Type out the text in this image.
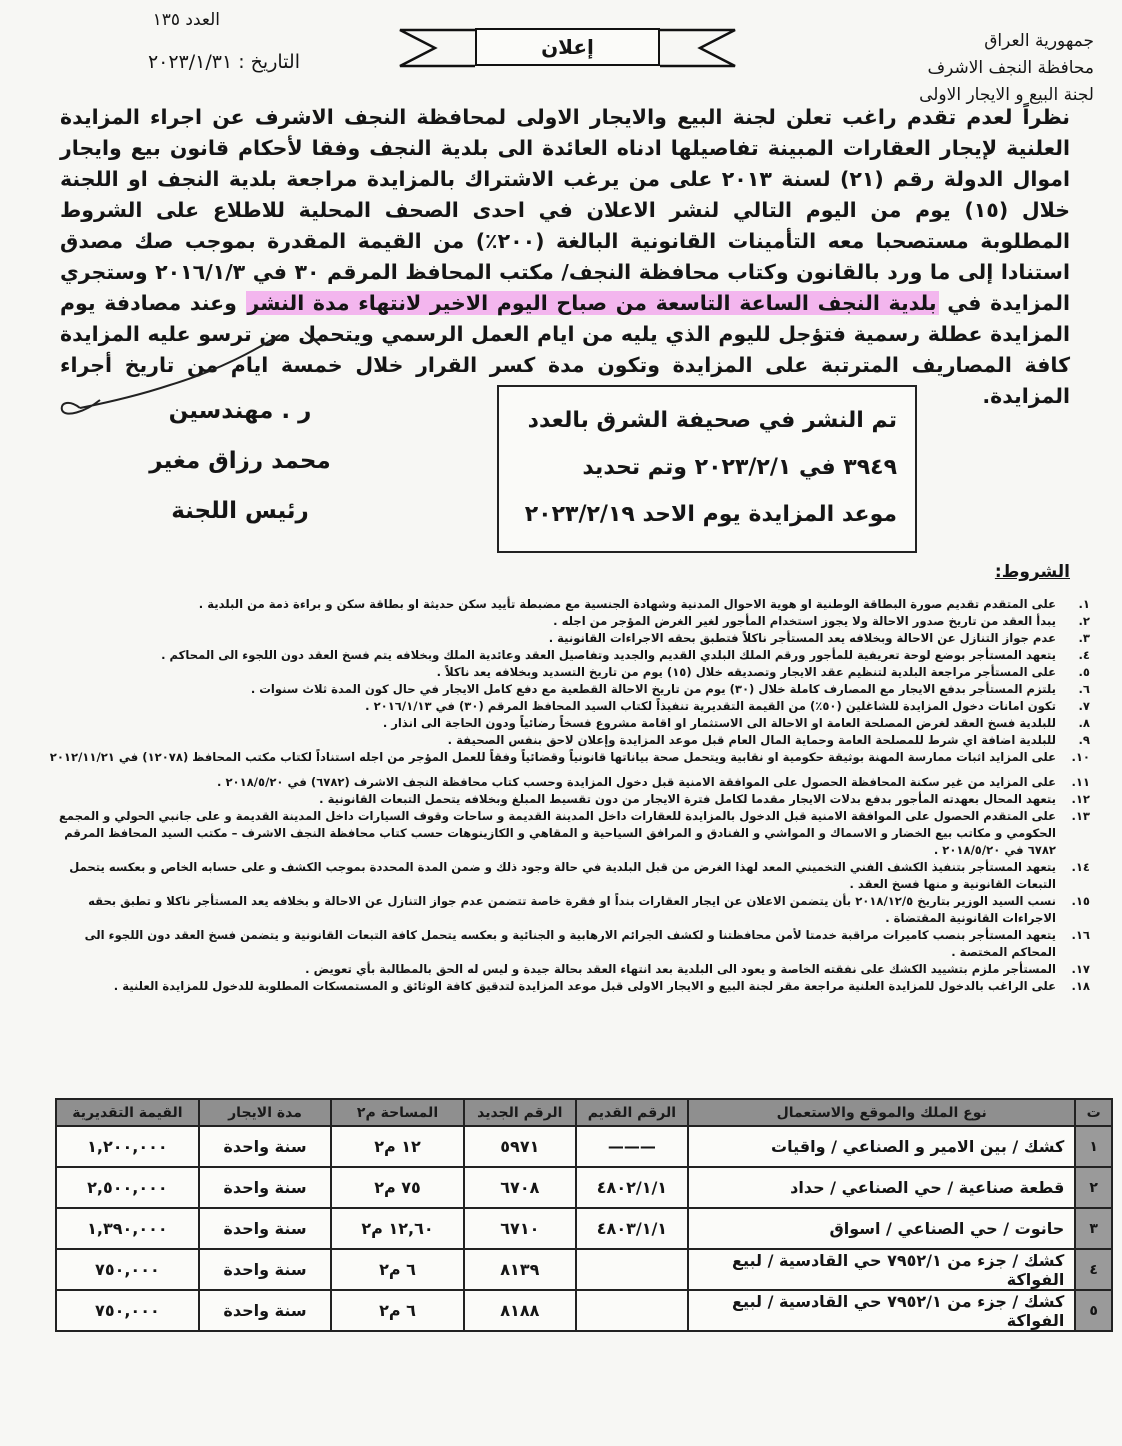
جمهورية العراق
محافظة النجف الاشرف
لجنة البيع و الايجار الاولى
العدد ١٣٥
التاريخ : ٢٠٢٣/١/٣١
إعلان
نظراً لعدم تقدم راغب تعلن لجنة البيع والايجار الاولى لمحافظة النجف الاشرف عن اجراء المزايدة العلنية لإيجار العقارات المبينة تفاصيلها ادناه العائدة الى بلدية النجف وفقا لأحكام قانون بيع وايجار اموال الدولة رقم (٢١) لسنة ٢٠١٣ على من يرغب الاشتراك بالمزايدة مراجعة بلدية النجف او اللجنة خلال (١٥) يوم من اليوم التالي لنشر الاعلان في احدى الصحف المحلية للاطلاع على الشروط المطلوبة مستصحبا معه التأمينات القانونية البالغة (٢٠٠٪) من القيمة المقدرة بموجب صك مصدق استنادا إلى ما ورد بالقانون وكتاب محافظة النجف/ مكتب المحافظ المرقم ٣٠ في ٢٠١٦/١/٣ وستجري المزايدة في بلدية النجف الساعة التاسعة من صباح اليوم الاخير لانتهاء مدة النشر وعند مصادفة يوم المزايدة عطلة رسمية فتؤجل لليوم الذي يليه من ايام العمل الرسمي ويتحمل من ترسو عليه المزايدة كافة المصاريف المترتبة على المزايدة وتكون مدة كسر القرار خلال خمسة ايام من تاريخ أجراء المزايدة.
ر . مهندسين
محمد رزاق مغير
رئيس اللجنة
تم النشر في صحيفة الشرق بالعدد
٣٩٤٩ في ٢٠٢٣/٢/١ وتم تحديد
موعد المزايدة يوم الاحد ٢٠٢٣/٢/١٩
الشروط:
١.
على المتقدم تقديم صورة البطاقة الوطنية او هوية الاحوال المدنية وشهادة الجنسية مع مضبطة تأييد سكن حديثة او بطاقة سكن و براءة ذمة من البلدية .
٢.
يبدأ العقد من تاريخ صدور الاحالة ولا يجوز استخدام المأجور لغير الغرض المؤجر من اجله .
٣.
عدم جواز التنازل عن الاحالة وبخلافه يعد المستأجر ناكلاً فتطبق بحقه الاجراءات القانونية .
٤.
يتعهد المستأجر بوضع لوحة تعريفية للمأجور ورقم الملك البلدي القديم والجديد وتفاصيل العقد وعائدية الملك وبخلافه يتم فسخ العقد دون اللجوء الى المحاكم .
٥.
على المستأجر مراجعة البلدية لتنظيم عقد الايجار وتصديقه خلال (١٥) يوم من تاريخ التسديد وبخلافه يعد ناكلاً .
٦.
يلتزم المستأجر بدفع الايجار مع المصارف كاملة خلال (٣٠) يوم من تاريخ الاحالة القطعية مع دفع كامل الايجار في حال كون المدة ثلاث سنوات .
٧.
تكون امانات دخول المزايدة للشاغلين (٥٠٪) من القيمة التقديرية تنفيذاً لكتاب السيد المحافظ المرقم (٣٠) في ٢٠١٦/١/١٣ .
٨.
للبلدية فسخ العقد لغرض المصلحة العامة او الاحالة الى الاستثمار او اقامة مشروع فسخاً رضائياً ودون الحاجة الى انذار .
٩.
للبلدية اضافة اي شرط للمصلحة العامة وحماية المال العام قبل موعد المزايدة وإعلان لاحق بنفس الصحيفة .
١٠.
على المزايد اثبات ممارسة المهنة بوثيقة حكومية او نقابية ويتحمل صحة بياناتها قانونياً وقضائياً وفقاً للعمل المؤجر من اجله استناداً لكتاب مكتب المحافظ (١٢٠٧٨) في ٢٠١٢/١١/٢١
١١.
على المزايد من غير سكنة المحافظة الحصول على الموافقة الامنية قبل دخول المزايدة وحسب كتاب محافظة النجف الاشرف (٦٧٨٢) في ٢٠١٨/٥/٢٠ .
١٢.
يتعهد المحال بعهدته المأجور بدفع بدلات الايجار مقدما لكامل فترة الايجار من دون تقسيط المبلغ وبخلافه يتحمل التبعات القانونية .
١٣.
على المتقدم الحصول على الموافقة الامنية قبل الدخول بالمزايدة للعقارات داخل المدينة القديمة و ساحات وقوف السيارات داخل المدينة القديمة و على جانبي الحولي و المجمع الحكومي و مكاتب بيع الخضار و الاسماك و المواشي و الفنادق و المرافق السياحية و المقاهي و الكازينوهات حسب كتاب محافظة النجف الاشرف – مكتب السيد المحافظ المرقم ٦٧٨٢ في ٢٠١٨/٥/٢٠ .
١٤.
يتعهد المستأجر بتنفيذ الكشف الفني التخميني المعد لهذا الغرض من قبل البلدية في حالة وجود ذلك و ضمن المدة المحددة بموجب الكشف و على حسابه الخاص و بعكسه يتحمل التبعات القانونية و منها فسخ العقد .
١٥.
نسب السيد الوزير بتاريخ ٢٠١٨/١٢/٥ بأن يتضمن الاعلان عن ايجار العقارات بنداً او فقرة خاصة تتضمن عدم جواز التنازل عن الاحالة و بخلافه يعد المستأجر ناكلا و تطبق بحقه الاجراءات القانونية المقتضاة .
١٦.
يتعهد المستأجر بنصب كاميرات مراقبة خدمتا لأمن محافظتنا و لكشف الجرائم الارهابية و الجنائية و بعكسه يتحمل كافة التبعات القانونية و يتضمن فسخ العقد دون اللجوء الى المحاكم المختصة .
١٧.
المستأجر ملزم بتشييد الكشك على نفقته الخاصة و يعود الى البلدية بعد انتهاء العقد بحالة جيدة و ليس له الحق بالمطالبة بأي تعويض .
١٨.
على الراغب بالدخول للمزايدة العلنية مراجعة مقر لجنة البيع و الايجار الاولى قبل موعد المزايدة لتدقيق كافة الوثائق و المستمسكات المطلوبة للدخول للمزايدة العلنية .
ت	نوع الملك والموقع والاستعمال	الرقم القديم	الرقم الجديد	المساحة م٢	مدة الايجار	القيمة التقديرية
١	كشك / بين الامير و الصناعي / واقيات	———	٥٩٧١	١٢ م٢	سنة واحدة	١,٢٠٠,٠٠٠
٢	قطعة صناعية / حي الصناعي / حداد	٤٨٠٢/١/١	٦٧٠٨	٧٥ م٢	سنة واحدة	٢,٥٠٠,٠٠٠
٣	حانوت / حي الصناعي / اسواق	٤٨٠٣/١/١	٦٧١٠	١٢,٦٠ م٢	سنة واحدة	١,٣٩٠,٠٠٠
٤	كشك / جزء من ٧٩٥٢/١ حي القادسية / لبيع الفواكة		٨١٣٩	٦ م٢	سنة واحدة	٧٥٠,٠٠٠
٥	كشك / جزء من ٧٩٥٢/١ حي القادسية / لبيع الفواكة		٨١٨٨	٦ م٢	سنة واحدة	٧٥٠,٠٠٠
